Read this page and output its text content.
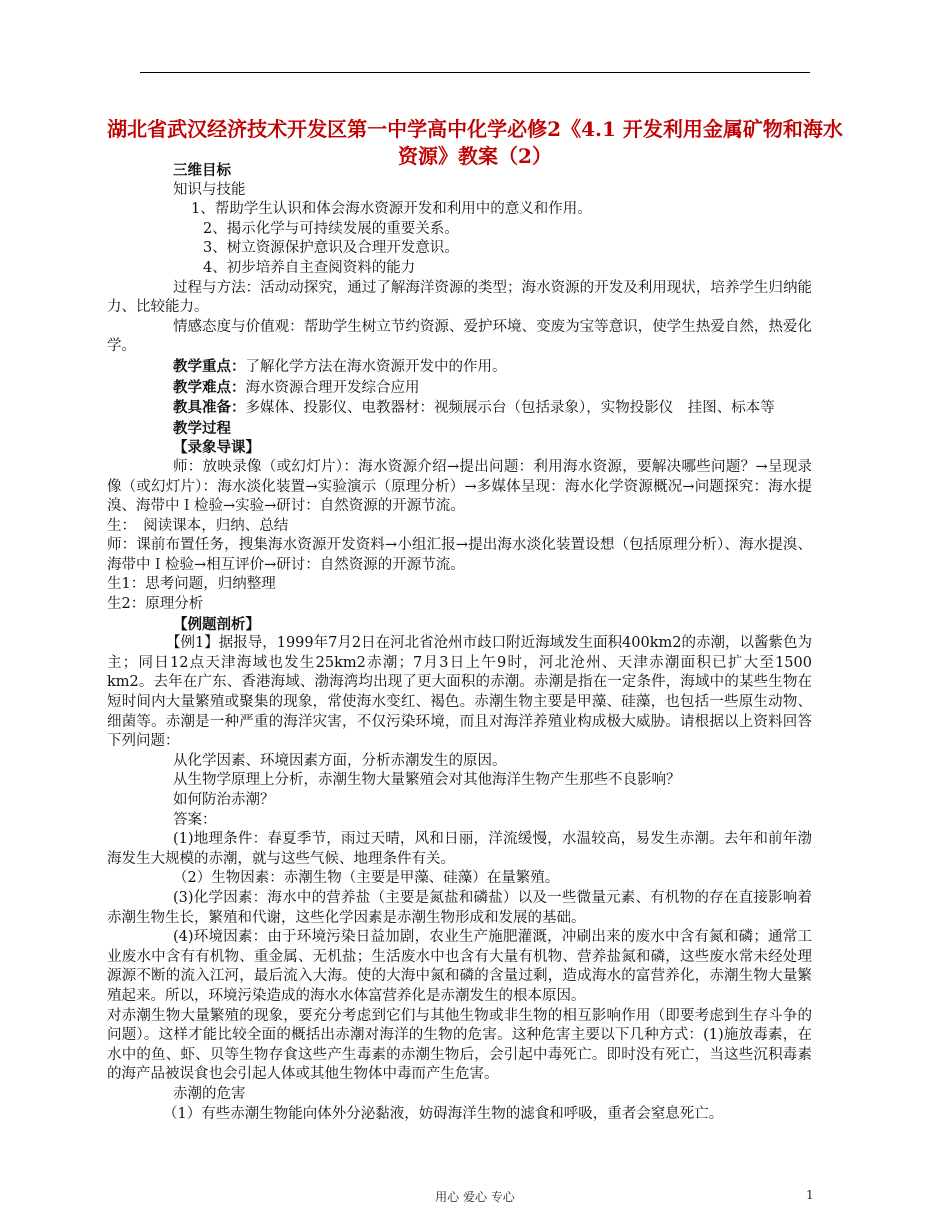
湖北省武汉经济技术开发区第一中学高中化学必修2《4.1 开发利用金属矿物和海水资源》教案（2）

三维目标

知识与技能

1、帮助学生认识和体会海水资源开发和利用中的意义和作用。

2、揭示化学与可持续发展的重要关系。

3、树立资源保护意识及合理开发意识。

4、初步培养自主查阅资料的能力

过程与方法：活动动探究，通过了解海洋资源的类型；海水资源的开发及利用现状，培养学生归纳能力、比较能力。

情感态度与价值观：帮助学生树立节约资源、爱护环境、变废为宝等意识，使学生热爱自然，热爱化学。

教学重点：了解化学方法在海水资源开发中的作用。

教学难点：海水资源合理开发综合应用

教具准备：多媒体、投影仪、电教器材：视频展示台（包括录象），实物投影仪　挂图、标本等

教学过程

【录象导课】

师：放映录像（或幻灯片）：海水资源介绍→提出问题：利用海水资源，要解决哪些问题？→呈现录像（或幻灯片）：海水淡化装置→实验演示（原理分析）→多媒体呈现：海水化学资源概况→问题探究：海水提溴、海带中Ｉ检验→实验→研讨：自然资源的开源节流。

生：　阅读课本，归纳、总结

师：课前布置任务，搜集海水资源开发资料→小组汇报→提出海水淡化装置设想（包括原理分析）、海水提溴、海带中Ｉ检验→相互评价→研讨：自然资源的开源节流。

生1：思考问题，归纳整理

生2：原理分析

【例题剖析】

【例1】据报导，1999年7月2日在河北省沧州市歧口附近海域发生面积400km2的赤潮，以酱紫色为主；同日12点天津海域也发生25km2赤潮；7月3日上午9时，河北沧州、天津赤潮面积已扩大至1500　km2。去年在广东、香港海域、渤海湾均出现了更大面积的赤潮。赤潮是指在一定条件，海域中的某些生物在短时间内大量繁殖或聚集的现象，常使海水变红、褐色。赤潮生物主要是甲藻、硅藻，也包括一些原生动物、细菌等。赤潮是一种严重的海洋灾害，不仅污染环境，而且对海洋养殖业构成极大威胁。请根据以上资料回答下列问题：

从化学因素、环境因素方面，分析赤潮发生的原因。

从生物学原理上分析，赤潮生物大量繁殖会对其他海洋生物产生那些不良影响？

如何防治赤潮？

答案：

(1)地理条件：春夏季节，雨过天晴，风和日丽，洋流缓慢，水温较高，易发生赤潮。去年和前年渤海发生大规模的赤潮，就与这些气候、地理条件有关。

（2）生物因素：赤潮生物（主要是甲藻、硅藻）在量繁殖。

(3)化学因素：海水中的营养盐（主要是氮盐和磷盐）以及一些微量元素、有机物的存在直接影响着赤潮生物生长，繁殖和代谢，这些化学因素是赤潮生物形成和发展的基础。

(4)环境因素：由于环境污染日益加剧，农业生产施肥灌溉，冲刷出来的废水中含有氮和磷；通常工业废水中含有有机物、重金属、无机盐；生活废水中也含有大量有机物、营养盐氮和磷，这些废水常未经处理源源不断的流入江河，最后流入大海。使的大海中氮和磷的含量过剩，造成海水的富营养化，赤潮生物大量繁殖起来。所以，环境污染造成的海水水体富营养化是赤潮发生的根本原因。

对赤潮生物大量繁殖的现象，要充分考虑到它们与其他生物或非生物的相互影响作用（即要考虑到生存斗争的问题）。这样才能比较全面的概括出赤潮对海洋的生物的危害。这种危害主要以下几种方式：(1)施放毒素，在水中的鱼、虾、贝等生物存食这些产生毒素的赤潮生物后，会引起中毒死亡。即时没有死亡，当这些沉积毒素的海产品被误食也会引起人体或其他生物体中毒而产生危害。

赤潮的危害

（1）有些赤潮生物能向体外分泌黏液，妨碍海洋生物的滤食和呼吸，重者会窒息死亡。

用心 爱心 专心	1
